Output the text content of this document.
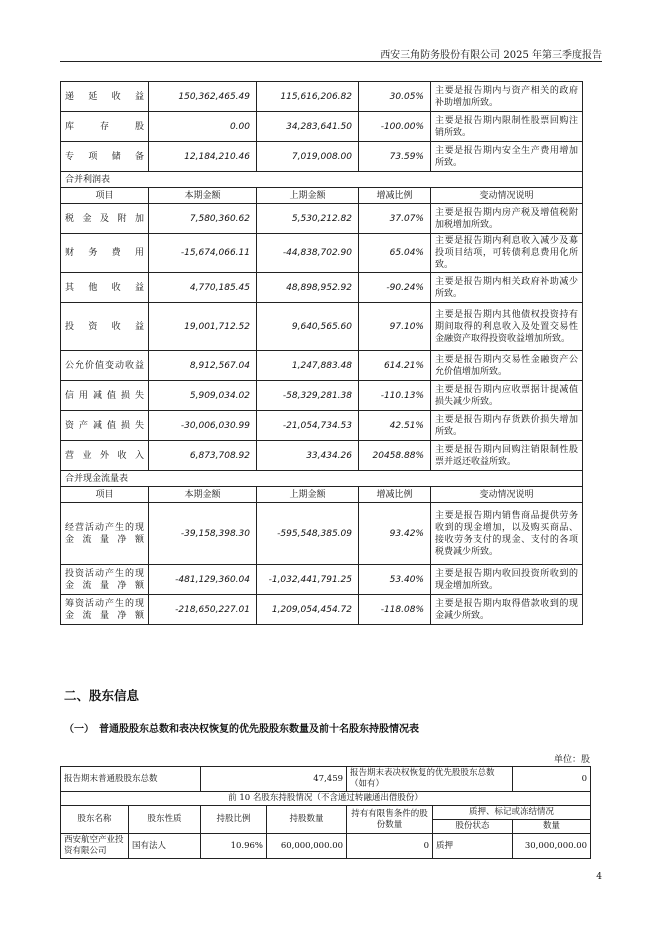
西安三角防务股份有限公司 2025 年第三季度报告
递延收益	150,362,465.49	115,616,206.82	30.05%	主要是报告期内与资产相关的政府补助增加所致。
库存股	0.00	34,283,641.50	-100.00%	主要是报告期内限制性股票回购注销所致。
专项储备	12,184,210.46	7,019,008.00	73.59%	主要是报告期内安全生产费用增加所致。
合并利润表				
项目	本期金额	上期金额	增减比例	变动情况说明
税金及附加	7,580,360.62	5,530,212.82	37.07%	主要是报告期内房产税及增值税附加税增加所致。
财务费用	-15,674,066.11	-44,838,702.90	65.04%	主要是报告期内利息收入减少及募投项目结项，可转债利息费用化所致。
其他收益	4,770,185.45	48,898,952.92	-90.24%	主要是报告期内相关政府补助减少所致。
投资收益	19,001,712.52	9,640,565.60	97.10%	主要是报告期内其他债权投资持有期间取得的利息收入及处置交易性金融资产取得投资收益增加所致。
公允价值变动收益	8,912,567.04	1,247,883.48	614.21%	主要是报告期内交易性金融资产公允价值增加所致。
信用减值损失	5,909,034.02	-58,329,281.38	-110.13%	主要是报告期内应收票据计提减值损失减少所致。
资产减值损失	-30,006,030.99	-21,054,734.53	42.51%	主要是报告期内存货跌价损失增加所致。
营业外收入	6,873,708.92	33,434.26	20458.88%	主要是报告期内回购注销限制性股票并返还收益所致。
合并现金流量表				
项目	本期金额	上期金额	增减比例	变动情况说明
经营活动产生的现金流量净额	-39,158,398.30	-595,548,385.09	93.42%	主要是报告期内销售商品提供劳务收到的现金增加，以及购买商品、接收劳务支付的现金、支付的各项税费减少所致。
投资活动产生的现金流量净额	-481,129,360.04	-1,032,441,791.25	53.40%	主要是报告期内收回投资所收到的现金增加所致。
筹资活动产生的现金流量净额	-218,650,227.01	1,209,054,454.72	-118.08%	主要是报告期内取得借款收到的现金减少所致。
二、股东信息
（一）　普通股股东总数和表决权恢复的优先股股东数量及前十名股东持股情况表
单位：股
报告期末普通股股东总数		47,459		报告期末表决权恢复的优先股股东总数（如有）		0
前 10 名股东持股情况（不含通过转融通出借股份）						
股东名称	股东性质	持股比例	持股数量	持有有限售条件的股份数量	质押、标记或冻结情况	
					股份状态	数量
西安航空产业投资有限公司	国有法人	10.96%	60,000,000.00	0	质押	30,000,000.00
4
